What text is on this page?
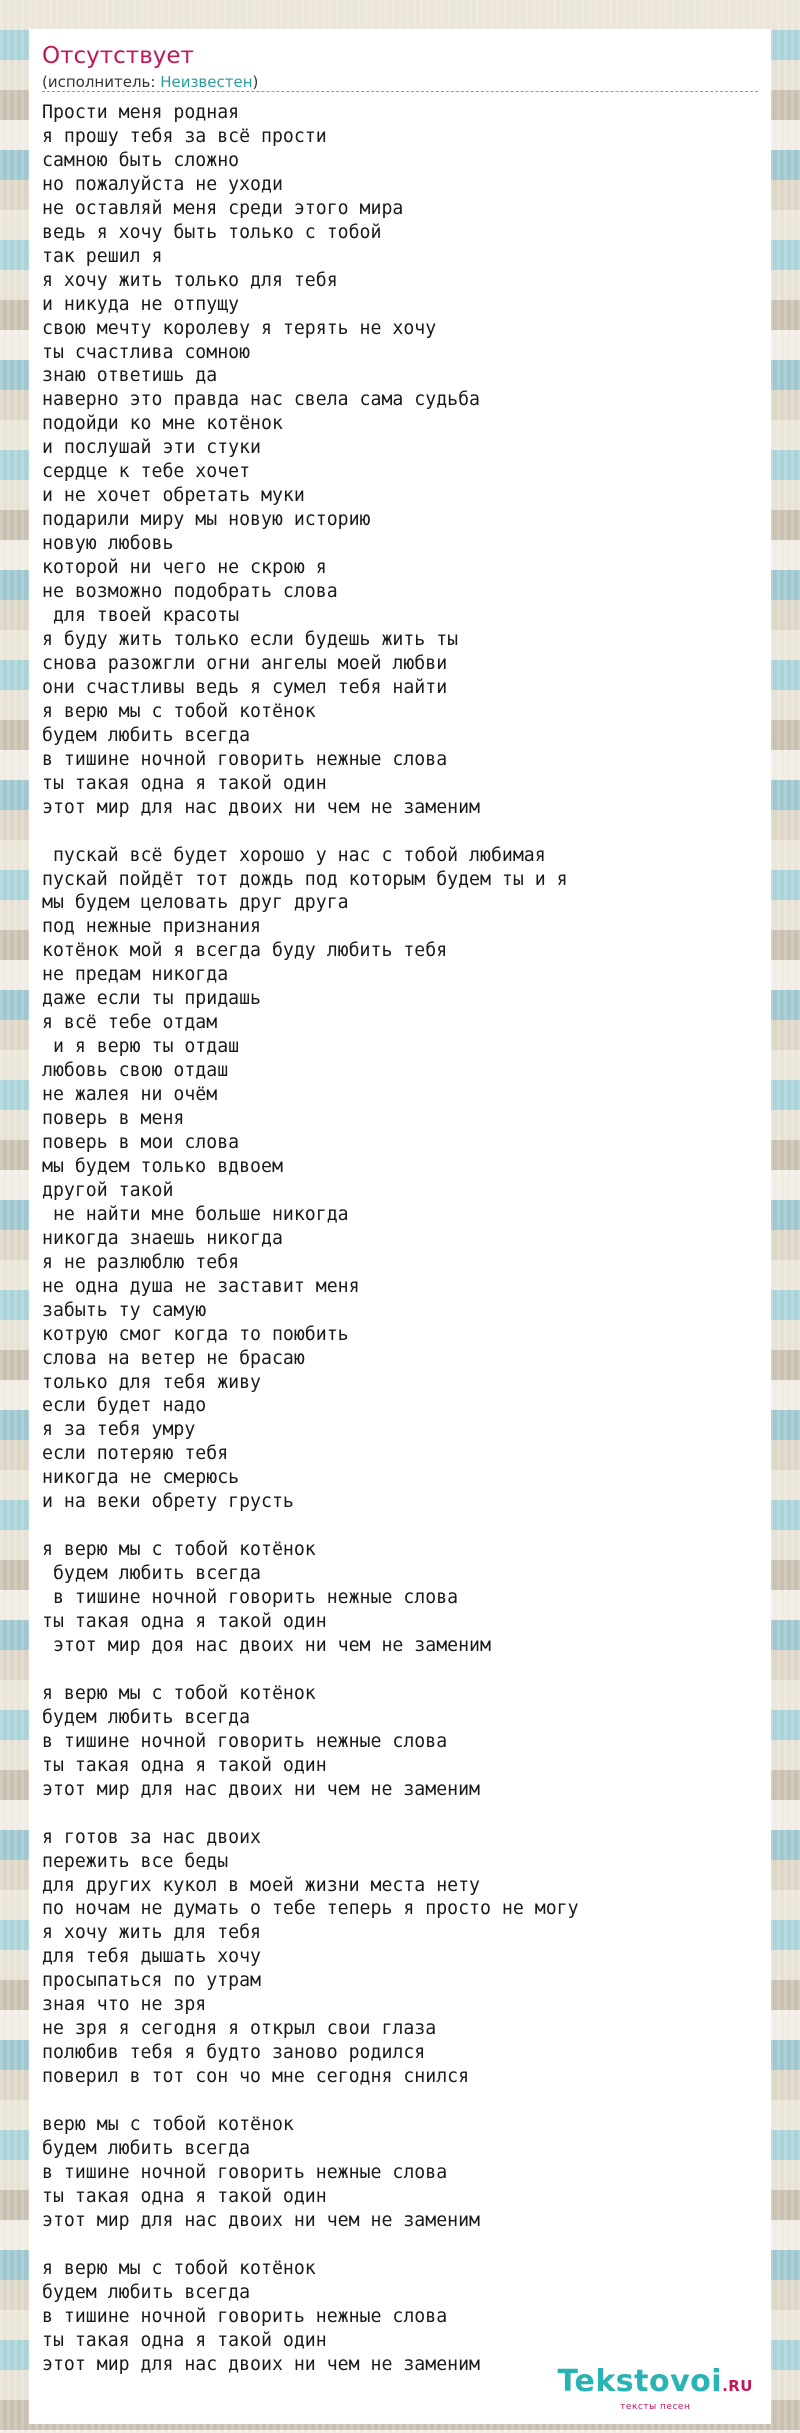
Отсутствует
(исполнитель: Неизвестен)
Прости меня родная
я прошу тебя за всё прости
самною быть сложно
но пожалуйста не уходи
не оставляй меня среди этого мира
ведь я хочу быть только с тобой
так решил я
я хочу жить только для тебя
и никуда не отпущу
свою мечту королеву я терять не хочу
ты счастлива сомною
знаю ответишь да
наверно это правда нас свела сама судьба
подойди ко мне котёнок
и послушай эти стуки
сердце к тебе хочет
и не хочет обретать муки
подарили миру мы новую историю
новую любовь
которой ни чего не скрою я
не возможно подобрать слова
для твоей красоты
я буду жить только если будешь жить ты
снова разожгли огни ангелы моей любви
они счастливы ведь я сумел тебя найти
я верю мы с тобой котёнок
будем любить всегда
в тишине ночной говорить нежные слова
ты такая одна я такой один
этот мир для нас двоих ни чем не заменим

пускай всё будет хорошо у нас с тобой любимая
пускай пойдёт тот дождь под которым будем ты и я
мы будем целовать друг друга
под нежные признания
котёнок мой я всегда буду любить тебя
не предам никогда
даже если ты придашь
я всё тебе отдам
и я верю ты отдаш
любовь свою отдаш
не жалея ни очём
поверь в меня
поверь в мои слова
мы будем только вдвоем
другой такой
не найти мне больше никогда
никогда знаешь никогда
я не разлюблю тебя
не одна душа не заставит меня
забыть ту самую
котрую смог когда то поюбить
слова на ветер не брасаю
только для тебя живу
если будет надо
я за тебя умру
если потеряю тебя
никогда не смерюсь
и на веки обрету грусть

я верю мы с тобой котёнок
будем любить всегда
в тишине ночной говорить нежные слова
ты такая одна я такой один
этот мир доя нас двоих ни чем не заменим

я верю мы с тобой котёнок
будем любить всегда
в тишине ночной говорить нежные слова
ты такая одна я такой один
этот мир для нас двоих ни чем не заменим

я готов за нас двоих
пережить все беды
для других кукол в моей жизни места нету
по ночам не думать о тебе теперь я просто не могу
я хочу жить для тебя
для тебя дышать хочу
просыпаться по утрам
зная что не зря
не зря я сегодня я открыл свои глаза
полюбив тебя я будто заново родился
поверил в тот сон чо мне сегодня снился

верю мы с тобой котёнок
будем любить всегда
в тишине ночной говорить нежные слова
ты такая одна я такой один
этот мир для нас двоих ни чем не заменим

я верю мы с тобой котёнок
будем любить всегда
в тишине ночной говорить нежные слова
ты такая одна я такой один
этот мир для нас двоих ни чем не заменим	Tekstovoi.RU
тексты песен
